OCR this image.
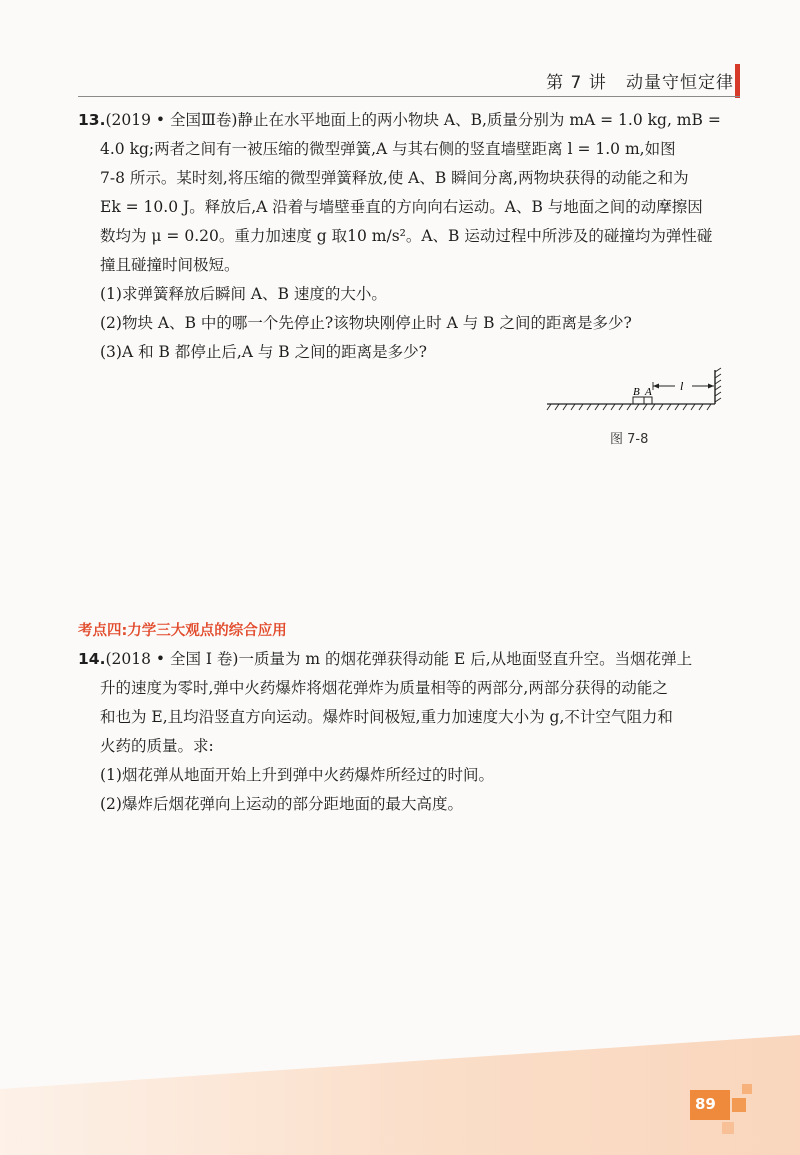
第 7 讲   动量守恒定律

13.(2019 • 全国Ⅲ卷)静止在水平地面上的两小物块 A、B,质量分别为 mA = 1.0 kg, mB =

4.0 kg;两者之间有一被压缩的微型弹簧,A 与其右侧的竖直墙壁距离 l = 1.0 m,如图

7-8 所示。某时刻,将压缩的微型弹簧释放,使 A、B 瞬间分离,两物块获得的动能之和为

Ek = 10.0 J。释放后,A 沿着与墙壁垂直的方向向右运动。A、B 与地面之间的动摩擦因

数均为 μ = 0.20。重力加速度 g 取10 m/s²。A、B 运动过程中所涉及的碰撞均为弹性碰

撞且碰撞时间极短。

(1)求弹簧释放后瞬间 A、B 速度的大小。

(2)物块 A、B 中的哪一个先停止?该物块刚停止时 A 与 B 之间的距离是多少?

(3)A 和 B 都停止后,A 与 B 之间的距离是多少?

B A l
图 7-8
考点四:力学三大观点的综合应用

14.(2018 • 全国 Ⅰ 卷)一质量为 m 的烟花弹获得动能 E 后,从地面竖直升空。当烟花弹上

升的速度为零时,弹中火药爆炸将烟花弹炸为质量相等的两部分,两部分获得的动能之

和也为 E,且均沿竖直方向运动。爆炸时间极短,重力加速度大小为 g,不计空气阻力和

火药的质量。求:

(1)烟花弹从地面开始上升到弹中火药爆炸所经过的时间。

(2)爆炸后烟花弹向上运动的部分距地面的最大高度。

89
